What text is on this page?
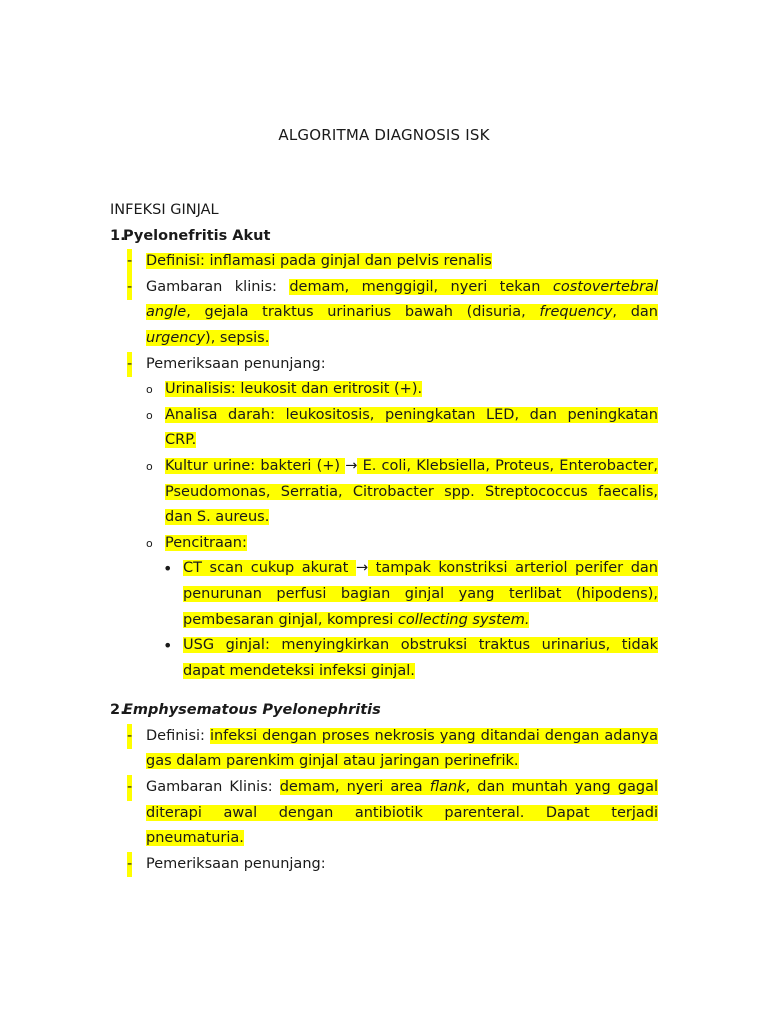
ALGORITMA DIAGNOSIS ISK
INFEKSI GINJAL
1.Pyelonefritis Akut
- Definisi: inflamasi pada ginjal dan pelvis renalis
- Gambaran klinis: demam, menggigil, nyeri tekan costovertebral angle, gejala traktus urinarius bawah (disuria, frequency, dan urgency), sepsis.
- Pemeriksaan penunjang:
o Urinalisis: leukosit dan eritrosit (+).
o Analisa darah: leukositosis, peningkatan LED, dan peningkatan CRP.
o Kultur urine: bakteri (+) → E. coli, Klebsiella, Proteus, Enterobacter, Pseudomonas, Serratia, Citrobacter spp. Streptococcus faecalis, dan S. aureus.
o Pencitraan:
• CT scan cukup akurat → tampak konstriksi arteriol perifer dan penurunan perfusi bagian ginjal yang terlibat (hipodens), pembesaran ginjal, kompresi collecting system.
• USG ginjal: menyingkirkan obstruksi traktus urinarius, tidak dapat mendeteksi infeksi ginjal.
2.Emphysematous Pyelonephritis
- Definisi: infeksi dengan proses nekrosis yang ditandai dengan adanya gas dalam parenkim ginjal atau jaringan perinefrik.
- Gambaran Klinis: demam, nyeri area flank, dan muntah yang gagal diterapi awal dengan antibiotik parenteral. Dapat terjadi pneumaturia.
- Pemeriksaan penunjang:
